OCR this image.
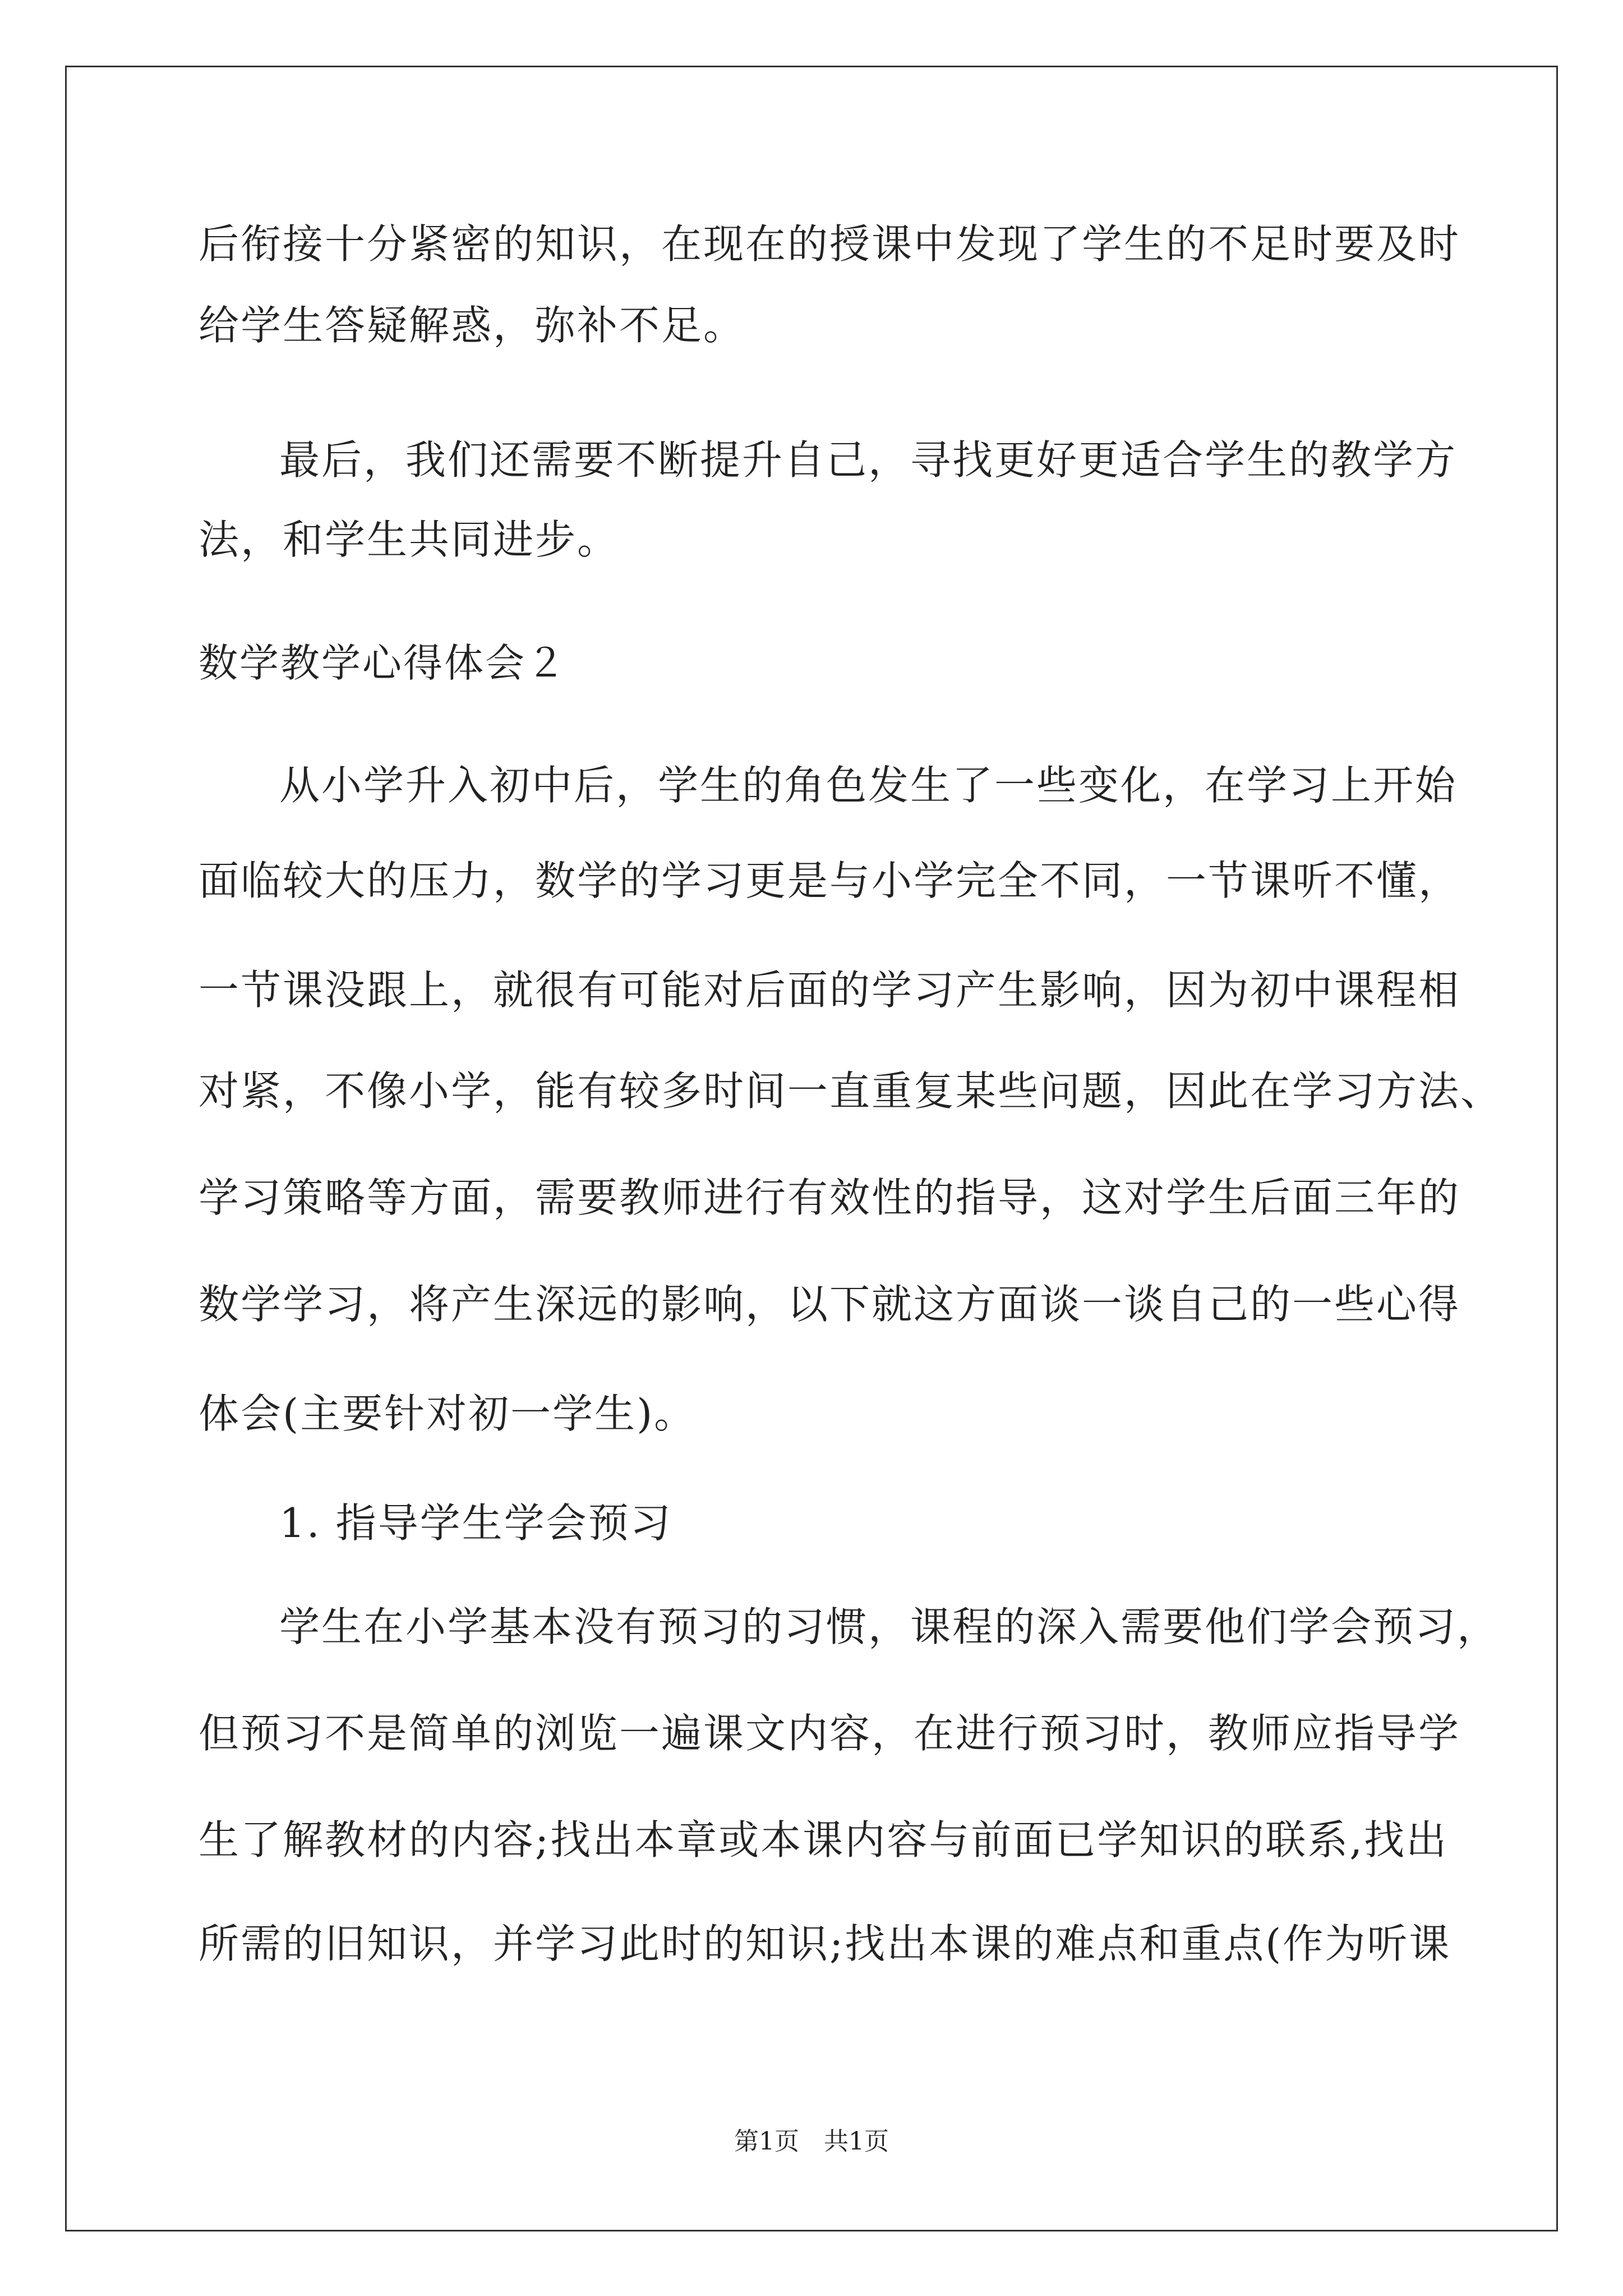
后衔接十分紧密的知识，在现在的授课中发现了学生的不足时要及时
给学生答疑解惑，弥补不足。
最后，我们还需要不断提升自己，寻找更好更适合学生的教学方
法，和学生共同进步。
数学教学心得体会２
从小学升入初中后，学生的角色发生了一些变化，在学习上开始
面临较大的压力，数学的学习更是与小学完全不同，一节课听不懂，
一节课没跟上，就很有可能对后面的学习产生影响，因为初中课程相
对紧，不像小学，能有较多时间一直重复某些问题，因此在学习方法、
学习策略等方面，需要教师进行有效性的指导，这对学生后面三年的
数学学习，将产生深远的影响，以下就这方面谈一谈自己的一些心得
体会(主要针对初一学生)。
1. 指导学生学会预习
学生在小学基本没有预习的习惯，课程的深入需要他们学会预习，
但预习不是简单的浏览一遍课文内容，在进行预习时，教师应指导学
生了解教材的内容;找出本章或本课内容与前面已学知识的联系,找出
所需的旧知识，并学习此时的知识;找出本课的难点和重点(作为听课
第1页　共1页
